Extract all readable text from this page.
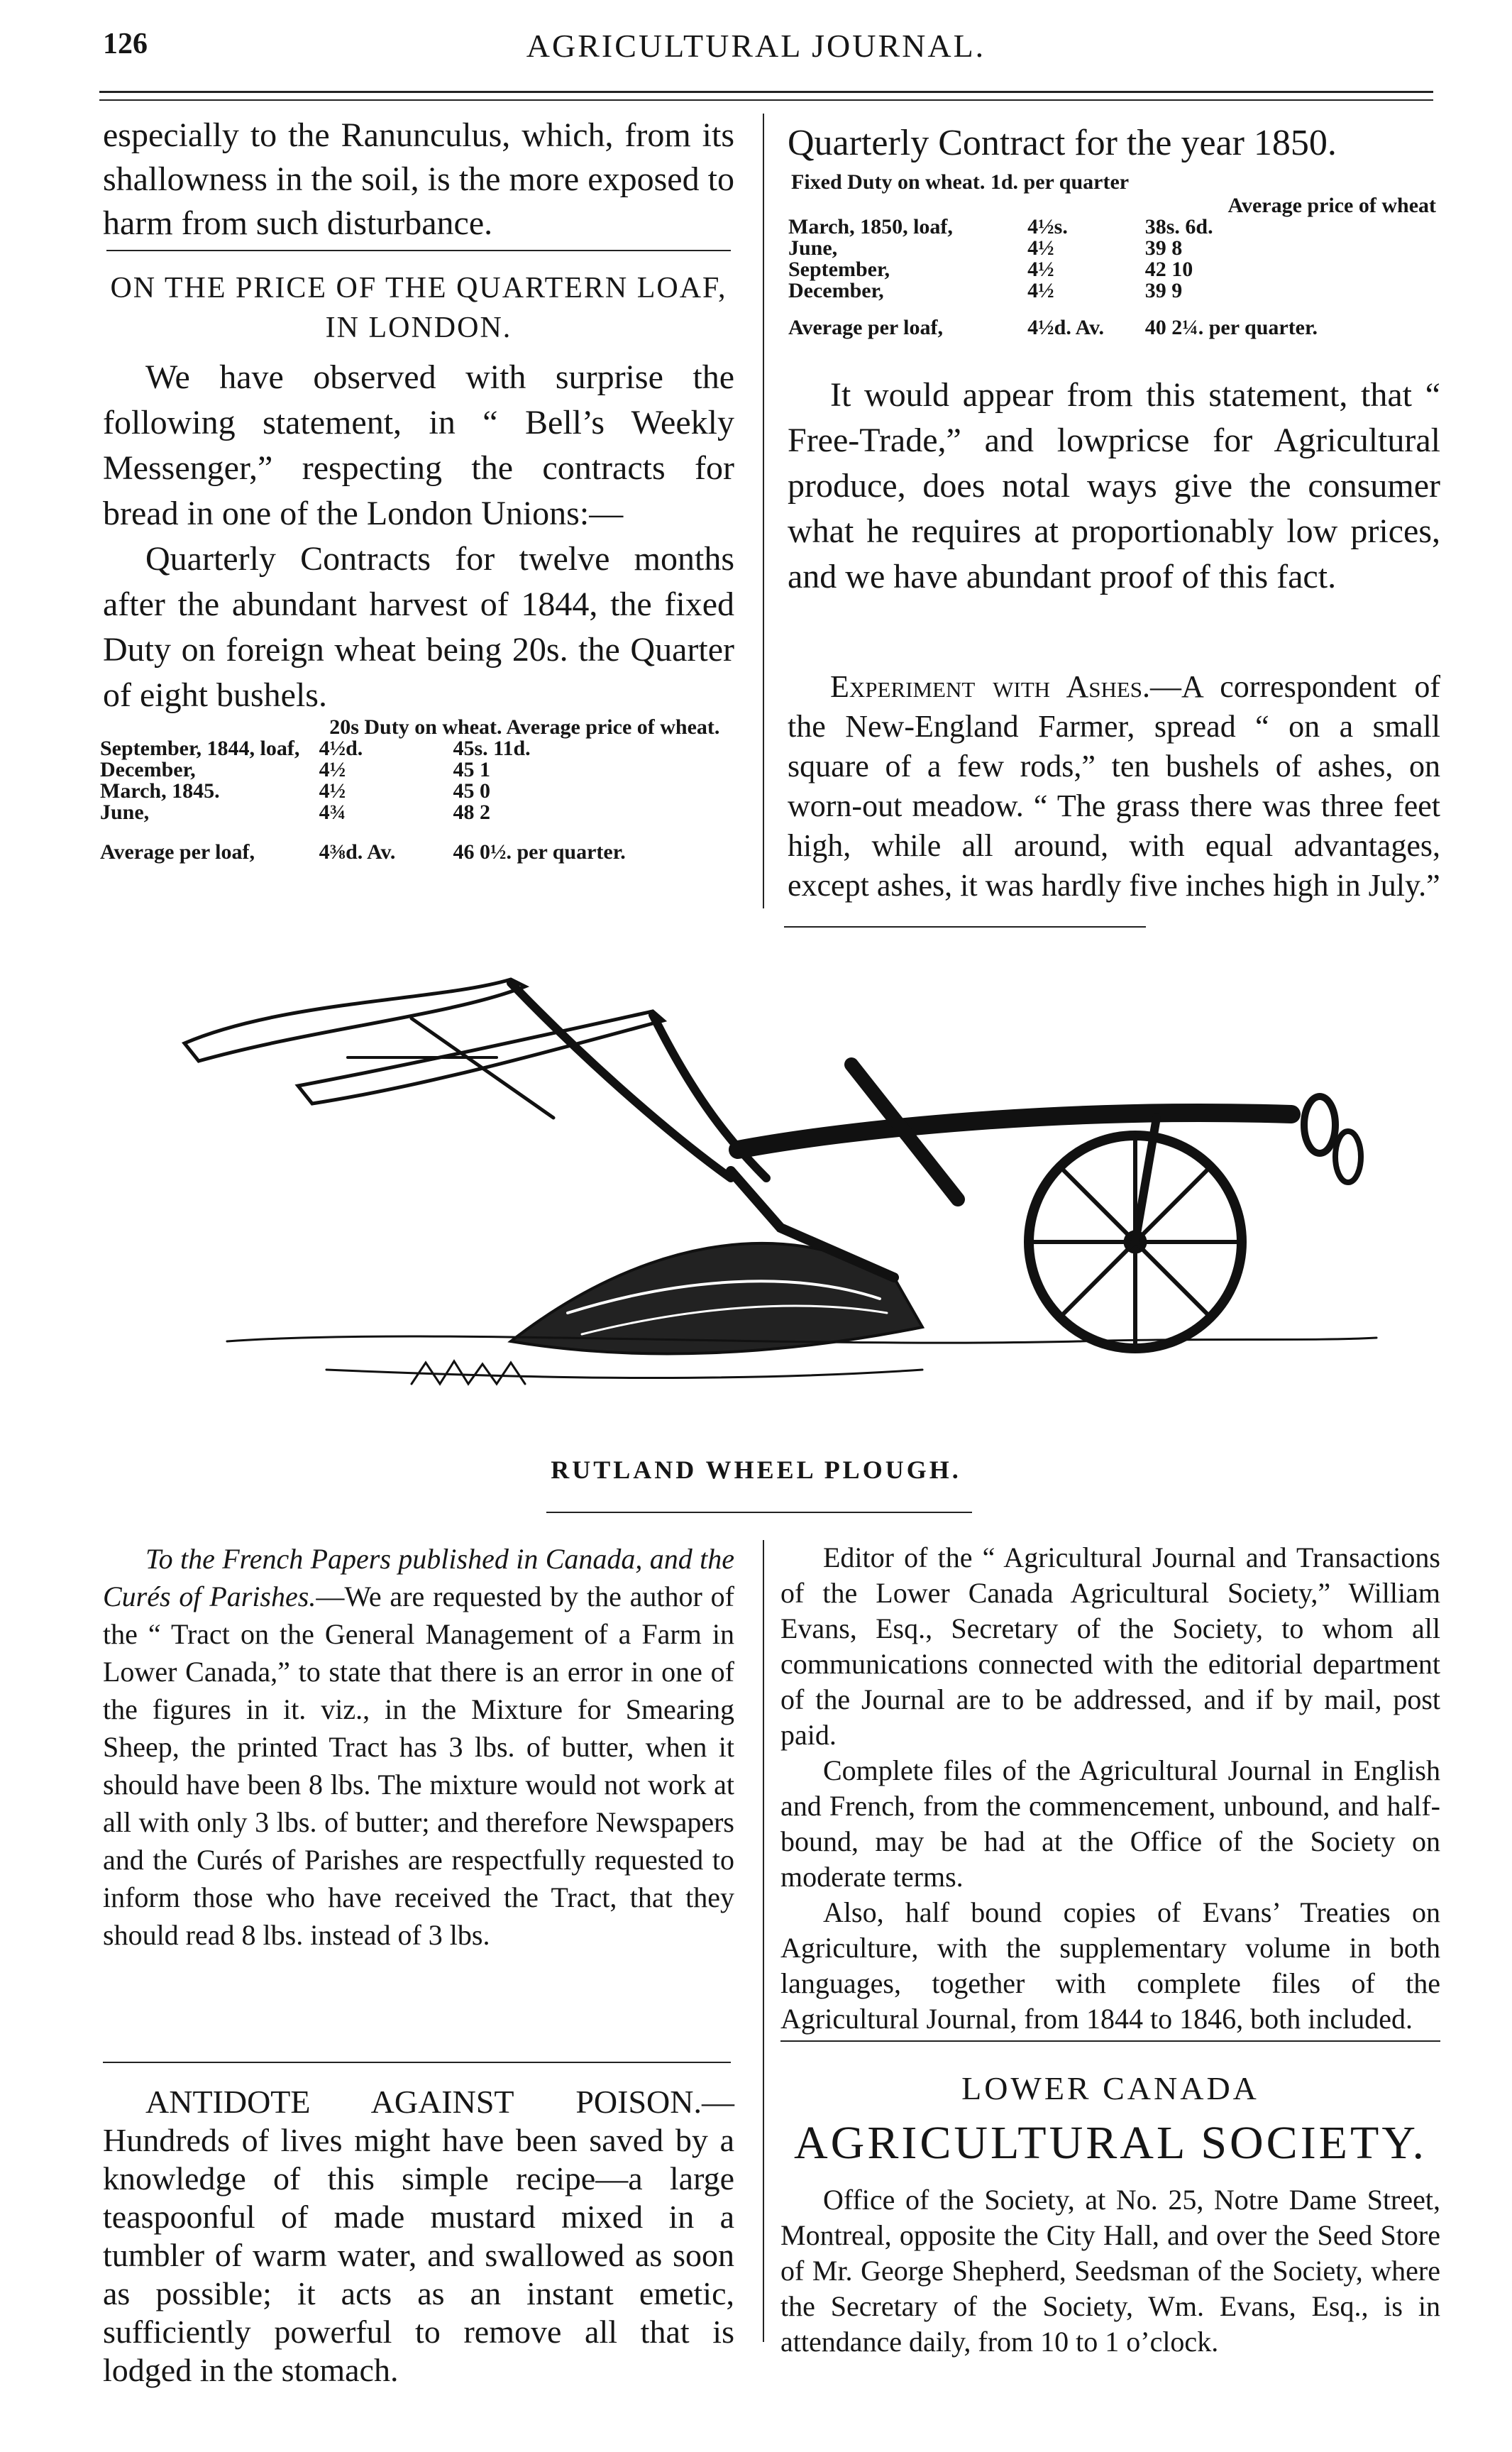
126	AGRICULTURAL JOURNAL.

especially to the Ranunculus, which, from its shallowness in the soil, is the more exposed to harm from such disturbance.

ON THE PRICE OF THE QUARTERN LOAF, IN LONDON.

We have observed with surprise the following statement, in “ Bell’s Weekly Messenger,” respecting the contracts for bread in one of the London Unions:—

Quarterly Contracts for twelve months after the abundant harvest of 1844, the fixed Duty on foreign wheat being 20s. the Quarter of eight bushels.

	20s Duty on wheat. Average price of wheat.	
September, 1844, loaf,	4½d.	45s. 11d.
December,	4½	45 1
March, 1845.	4½	45 0
June,	4¾	48 2

Average per loaf,	4⅜d. Av.	46 0½. per quarter.
Quarterly Contract for the year 1850.
Fixed Duty on wheat. 1d. per quarter
		Average price of wheat
March, 1850, loaf,	4½s.	38s. 6d.
June,	4½	39 8
September,	4½	42 10
December,	4½	39 9

Average per loaf,	4½d. Av.	40 2¼. per quarter.

It would appear from this statement, that “ Free-Trade,” and lowpricse for Agricultural produce, does notal ways give the consumer what he requires at proportionably low prices, and we have abundant proof of this fact.

Experiment with Ashes.—A correspondent of the New-England Farmer, spread “ on a small square of a few rods,” ten bushels of ashes, on worn-out meadow. “ The grass there was three feet high, while all around, with equal advantages, except ashes, it was hardly five inches high in July.”

RUTLAND WHEEL PLOUGH.

To the French Papers published in Canada, and the Curés of Parishes.—We are requested by the author of the “ Tract on the General Management of a Farm in Lower Canada,” to state that there is an error in one of the figures in it. viz., in the Mixture for Smearing Sheep, the printed Tract has 3 lbs. of butter, when it should have been 8 lbs. The mixture would not work at all with only 3 lbs. of butter; and therefore Newspapers and the Curés of Parishes are respectfully requested to inform those who have received the Tract, that they should read 8 lbs. instead of 3 lbs.

ANTIDOTE AGAINST POISON.—Hundreds of lives might have been saved by a knowledge of this simple recipe—a large teaspoonful of made mustard mixed in a tumbler of warm water, and swallowed as soon as possible; it acts as an instant emetic, sufficiently powerful to remove all that is lodged in the stomach.

Editor of the “ Agricultural Journal and Transactions of the Lower Canada Agricultural Society,” William Evans, Esq., Secretary of the Society, to whom all communications connected with the editorial department of the Journal are to be addressed, and if by mail, post paid.

Complete files of the Agricultural Journal in English and French, from the commencement, unbound, and half-bound, may be had at the Office of the Society on moderate terms.

Also, half bound copies of Evans’ Treaties on Agriculture, with the supplementary volume in both languages, together with complete files of the Agricultural Journal, from 1844 to 1846, both included.

LOWER CANADA
AGRICULTURAL SOCIETY.

Office of the Society, at No. 25, Notre Dame Street, Montreal, opposite the City Hall, and over the Seed Store of Mr. George Shepherd, Seedsman of the Society, where the Secretary of the Society, Wm. Evans, Esq., is in attendance daily, from 10 to 1 o’clock.
